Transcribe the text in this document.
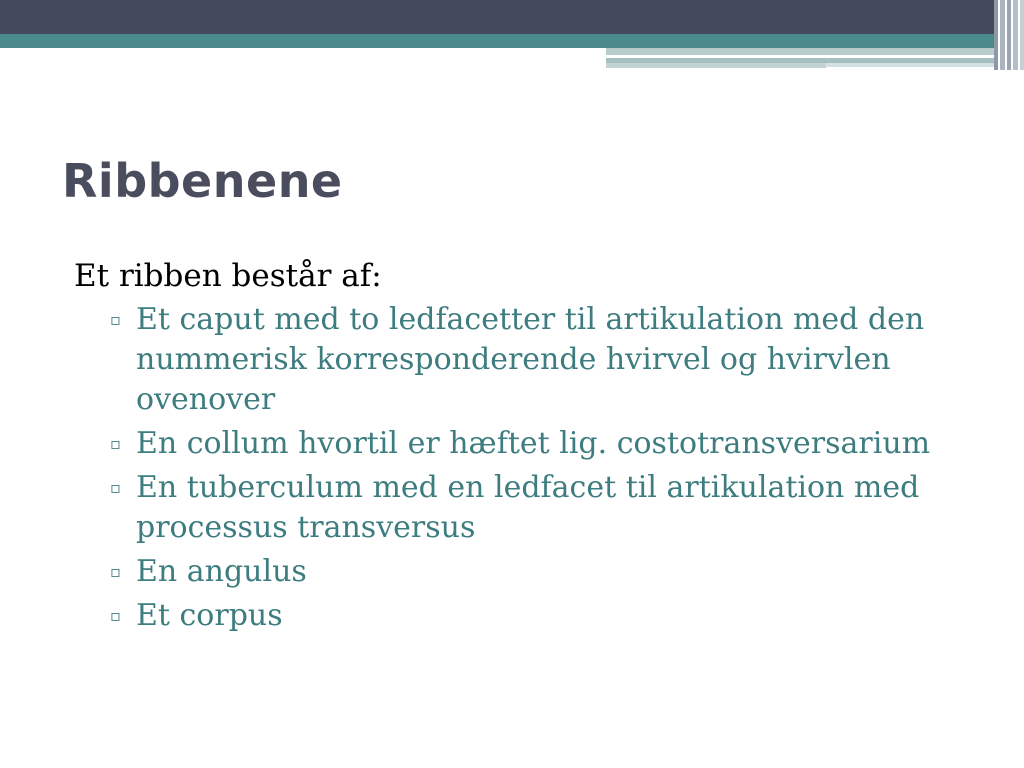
Ribbenene

Et ribben består af:

▫ Et caput med to ledfacetter til artikulation med den nummerisk korresponderende hvirvel og hvirvlen ovenover
▫ En collum hvortil er hæftet lig. costotransversarium
▫ En tuberculum med en ledfacet til artikulation med processus transversus
▫ En angulus
▫ Et corpus
